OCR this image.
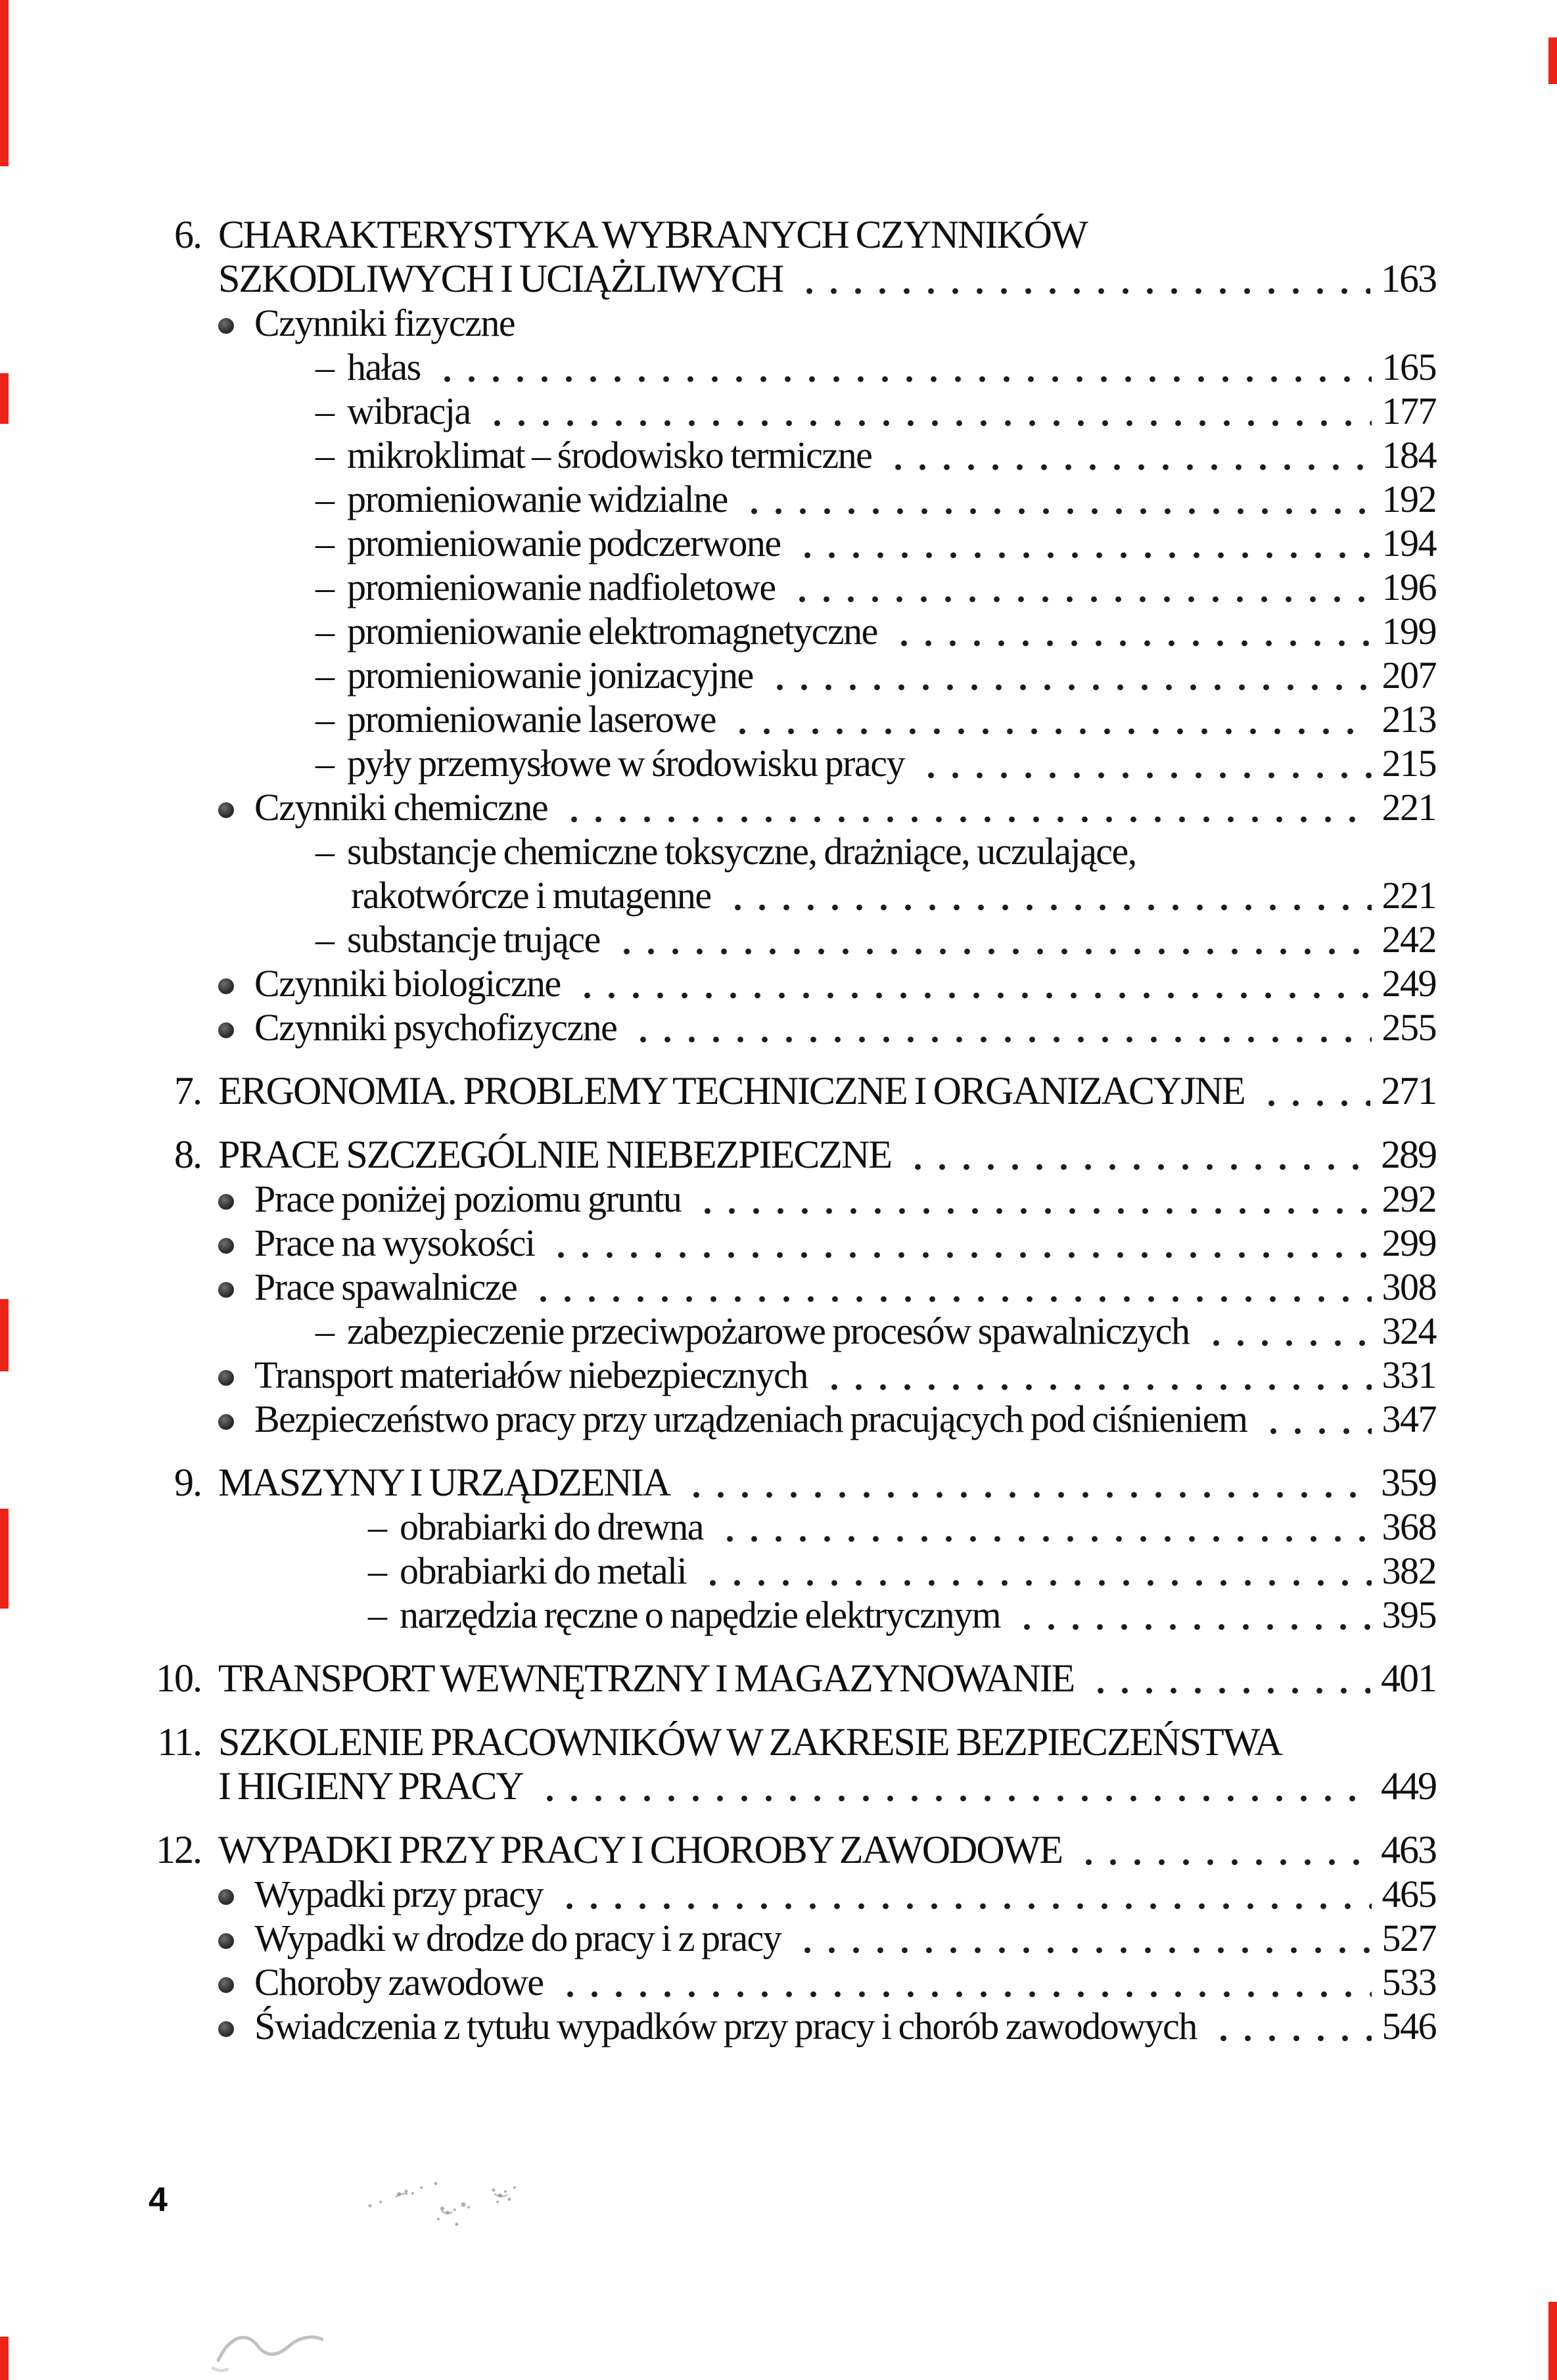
6. CHARAKTERYSTYKA WYBRANYCH CZYNNIKÓW
SZKODLIWYCH I UCIĄŻLIWYCH	163
Czynniki fizyczne
– hałas	165
– wibracja	177
– mikroklimat – środowisko termiczne	184
– promieniowanie widzialne	192
– promieniowanie podczerwone	194
– promieniowanie nadfioletowe	196
– promieniowanie elektromagnetyczne	199
– promieniowanie jonizacyjne	207
– promieniowanie laserowe	213
– pyły przemysłowe w środowisku pracy	215
Czynniki chemiczne	221
– substancje chemiczne toksyczne, drażniące, uczulające,
rakotwórcze i mutagenne	221
– substancje trujące	242
Czynniki biologiczne	249
Czynniki psychofizyczne	255
7. ERGONOMIA. PROBLEMY TECHNICZNE I ORGANIZACYJNE	271
8. PRACE SZCZEGÓLNIE NIEBEZPIECZNE	289
Prace poniżej poziomu gruntu	292
Prace na wysokości	299
Prace spawalnicze	308
– zabezpieczenie przeciwpożarowe procesów spawalniczych	324
Transport materiałów niebezpiecznych	331
Bezpieczeństwo pracy przy urządzeniach pracujących pod ciśnieniem	347
9. MASZYNY I URZĄDZENIA	359
– obrabiarki do drewna	368
– obrabiarki do metali	382
– narzędzia ręczne o napędzie elektrycznym	395
10. TRANSPORT WEWNĘTRZNY I MAGAZYNOWANIE	401
11. SZKOLENIE PRACOWNIKÓW W ZAKRESIE BEZPIECZEŃSTWA
I HIGIENY PRACY	449
12. WYPADKI PRZY PRACY I CHOROBY ZAWODOWE	463
Wypadki przy pracy	465
Wypadki w drodze do pracy i z pracy	527
Choroby zawodowe	533
Świadczenia z tytułu wypadków przy pracy i chorób zawodowych	546
4
